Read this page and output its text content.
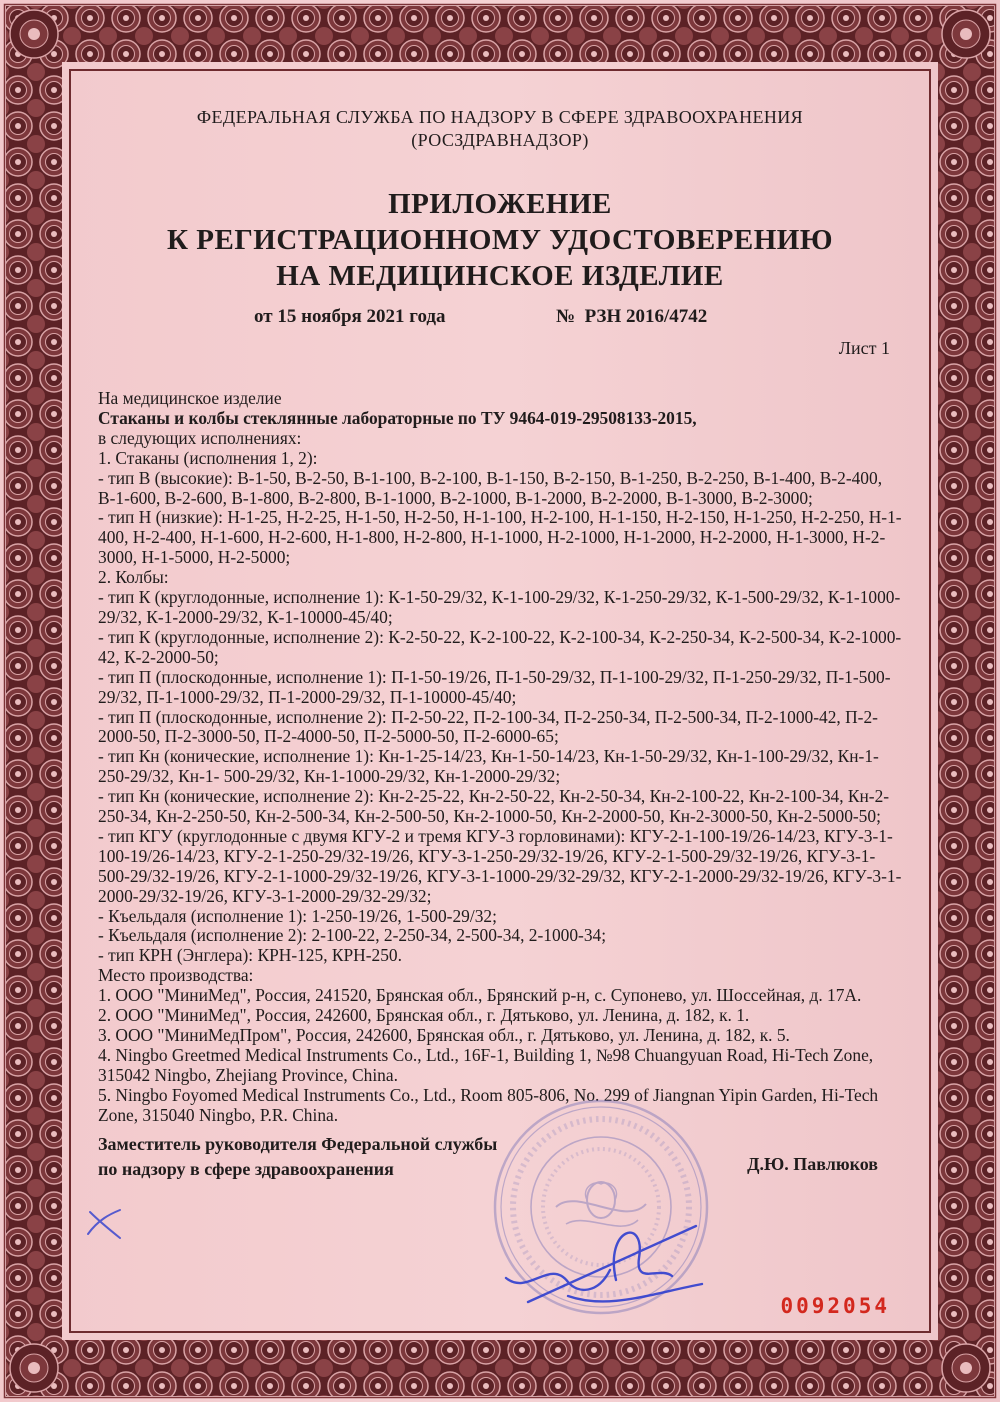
ФЕДЕРАЛЬНАЯ СЛУЖБА ПО НАДЗОРУ В СФЕРЕ ЗДРАВООХРАНЕНИЯ
(РОСЗДРАВНАДЗОР)
ПРИЛОЖЕНИЕ
К РЕГИСТРАЦИОННОМУ УДОСТОВЕРЕНИЮ
НА МЕДИЦИНСКОЕ ИЗДЕЛИЕ
от 15 ноября 2021 года	№  РЗН 2016/4742
Лист 1

На медицинское изделие

Стаканы и колбы стеклянные лабораторные по ТУ 9464-019-29508133-2015,

в следующих исполнениях:

1. Стаканы (исполнения 1, 2):

- тип В (высокие): В-1-50, В-2-50, В-1-100, В-2-100, В-1-150, В-2-150, В-1-250, В-2-250, В-1-400, В-2-400, В-1-600, В-2-600, В-1-800, В-2-800, В-1-1000, В-2-1000, В-1-2000, В-2-2000, В-1-3000, В-2-3000;

- тип Н (низкие): Н-1-25, Н-2-25, Н-1-50, Н-2-50, Н-1-100, Н-2-100, Н-1-150, Н-2-150, Н-1-250, Н-2-250, Н-1-400, Н-2-400, Н-1-600, Н-2-600, Н-1-800, Н-2-800, Н-1-1000, Н-2-1000, Н-1-2000, Н-2-2000, Н-1-3000, Н-2-3000, Н-1-5000, Н-2-5000;

2. Колбы:

- тип К (круглодонные, исполнение 1): К-1-50-29/32, К-1-100-29/32, К-1-250-29/32, К-1-500-29/32, К-1-1000-29/32, К-1-2000-29/32, К-1-10000-45/40;

- тип К (круглодонные, исполнение 2): К-2-50-22, К-2-100-22, К-2-100-34, К-2-250-34, К-2-500-34, К-2-1000-42, К-2-2000-50;

- тип П (плоскодонные, исполнение 1): П-1-50-19/26, П-1-50-29/32, П-1-100-29/32, П-1-250-29/32, П-1-500-29/32, П-1-1000-29/32, П-1-2000-29/32, П-1-10000-45/40;

- тип П (плоскодонные, исполнение 2): П-2-50-22, П-2-100-34, П-2-250-34, П-2-500-34, П-2-1000-42, П-2-2000-50, П-2-3000-50, П-2-4000-50, П-2-5000-50, П-2-6000-65;

- тип Кн (конические, исполнение 1): Кн-1-25-14/23, Кн-1-50-14/23, Кн-1-50-29/32, Кн-1-100-29/32, Кн-1-250-29/32, Кн-1- 500-29/32, Кн-1-1000-29/32, Кн-1-2000-29/32;

- тип Кн (конические, исполнение 2): Кн-2-25-22, Кн-2-50-22, Кн-2-50-34, Кн-2-100-22, Кн-2-100-34, Кн-2-250-34, Кн-2-250-50, Кн-2-500-34, Кн-2-500-50, Кн-2-1000-50, Кн-2-2000-50, Кн-2-3000-50, Кн-2-5000-50;

- тип КГУ (круглодонные с двумя КГУ-2 и тремя КГУ-3 горловинами): КГУ-2-1-100-19/26-14/23, КГУ-3-1-100-19/26-14/23, КГУ-2-1-250-29/32-19/26, КГУ-3-1-250-29/32-19/26, КГУ-2-1-500-29/32-19/26, КГУ-3-1-500-29/32-19/26, КГУ-2-1-1000-29/32-19/26, КГУ-3-1-1000-29/32-29/32, КГУ-2-1-2000-29/32-19/26, КГУ-3-1-2000-29/32-19/26, КГУ-3-1-2000-29/32-29/32;

- Къельдаля (исполнение 1): 1-250-19/26, 1-500-29/32;

- Къельдаля (исполнение 2): 2-100-22, 2-250-34, 2-500-34, 2-1000-34;

- тип КРН (Энглера): КРН-125, КРН-250.

Место производства:

1. ООО "МиниМед", Россия, 241520, Брянская обл., Брянский р-н, с. Супонево, ул. Шоссейная, д. 17А.

2. ООО "МиниМед", Россия, 242600, Брянская обл., г. Дятьково, ул. Ленина, д. 182, к. 1.

3. ООО "МиниМедПром", Россия, 242600, Брянская обл., г. Дятьково, ул. Ленина, д. 182, к. 5.

4. Ningbo Greetmed Medical Instruments Co., Ltd., 16F-1, Building 1, №98 Chuangyuan Road, Hi-Tech Zone, 315042 Ningbo, Zhejiang Province, China.

5. Ningbo Foyomed Medical Instruments Co., Ltd., Room 805-806, No. 299 of Jiangnan Yipin Garden, Hi-Tech Zone, 315040 Ningbo, P.R. China.

Заместитель руководителя Федеральной службы
по надзору в сфере здравоохранения	Д.Ю. Павлюков
0092054
